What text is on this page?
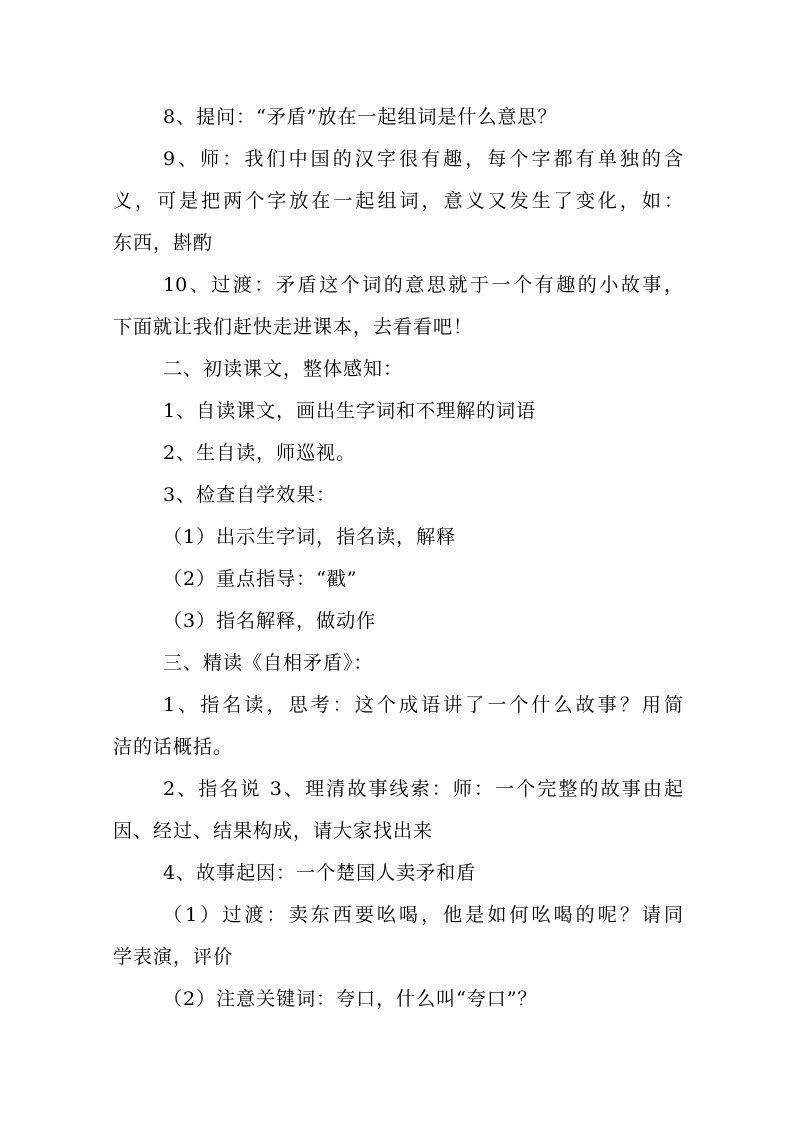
8、提问：“矛盾”放在一起组词是什么意思？
9、师：我们中国的汉字很有趣，每个字都有单独的含
义，可是把两个字放在一起组词，意义又发生了变化，如：
东西，斟酌
10、过渡：矛盾这个词的意思就于一个有趣的小故事，
下面就让我们赶快走进课本，去看看吧！
二、初读课文，整体感知：
1、自读课文，画出生字词和不理解的词语
2、生自读，师巡视。
3、检查自学效果：
（1）出示生字词，指名读，解释
（2）重点指导：“戳”
（3）指名解释，做动作
三、精读《自相矛盾》：
1、指名读，思考：这个成语讲了一个什么故事？用简
洁的话概括。
2、指名说 3、理清故事线索：师：一个完整的故事由起
因、经过、结果构成，请大家找出来
4、故事起因：一个楚国人卖矛和盾
（1）过渡：卖东西要吆喝，他是如何吆喝的呢？请同
学表演，评价
（2）注意关键词：夸口，什么叫“夸口”？
